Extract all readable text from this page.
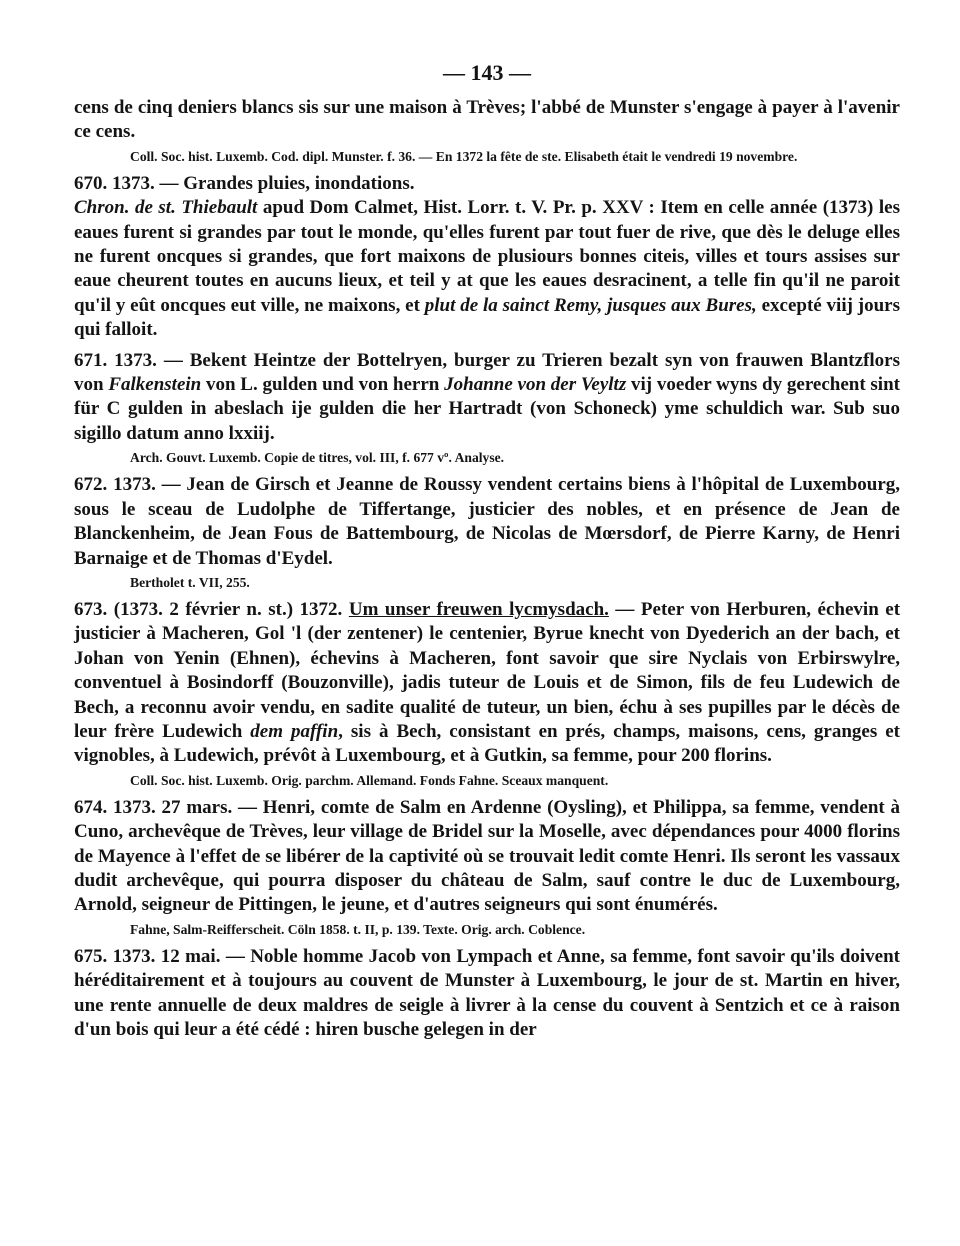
— 143 —

cens de cinq deniers blancs sis sur une maison à Trèves; l'abbé de Munster s'engage à payer à l'avenir ce cens.

Coll. Soc. hist. Luxemb. Cod. dipl. Munster. f. 36. — En 1372 la fête de ste. Elisabeth était le vendredi 19 novembre.

670. 1373. — Grandes pluies, inondations.

Chron. de st. Thiebault apud Dom Calmet, Hist. Lorr. t. V. Pr. p. XXV : Item en celle année (1373) les eaues furent si grandes par tout le monde, qu'elles furent par tout fuer de rive, que dès le deluge elles ne furent oncques si grandes, que fort maixons de plusiours bonnes citeis, villes et tours assises sur eaue cheurent toutes en aucuns lieux, et teil y at que les eaues desracinent, a telle fin qu'il ne paroit qu'il y eût oncques eut ville, ne maixons, et plut de la sainct Remy, jusques aux Bures, excepté viij jours qui falloit.

671. 1373. — Bekent Heintze der Bottelryen, burger zu Trieren bezalt syn von frauwen Blantzflors von Falkenstein von L. gulden und von herrn Johanne von der Veyltz vij voeder wyns dy gerechent sint für C gulden in abeslach ije gulden die her Hartradt (von Schoneck) yme schuldich war. Sub suo sigillo datum anno lxxiij.

Arch. Gouvt. Luxemb. Copie de titres, vol. III, f. 677 vº. Analyse.

672. 1373. — Jean de Girsch et Jeanne de Roussy vendent certains biens à l'hôpital de Luxembourg, sous le sceau de Ludolphe de Tiffertange, justicier des nobles, et en présence de Jean de Blanckenheim, de Jean Fous de Battembourg, de Nicolas de Mœrsdorf, de Pierre Karny, de Henri Barnaige et de Thomas d'Eydel.

Bertholet t. VII, 255.

673. (1373. 2 février n. st.) 1372. Um unser freuwen lycmysdach. — Peter von Herburen, échevin et justicier à Macheren, Gol 'l (der zentener) le centenier, Byrue knecht von Dyederich an der bach, et Johan von Yenin (Ehnen), échevins à Macheren, font savoir que sire Nyclais von Erbirswylre, conventuel à Bosindorff (Bouzonville), jadis tuteur de Louis et de Simon, fils de feu Ludewich de Bech, a reconnu avoir vendu, en sadite qualité de tuteur, un bien, échu à ses pupilles par le décès de leur frère Ludewich dem paffin, sis à Bech, consistant en prés, champs, maisons, cens, granges et vignobles, à Ludewich, prévôt à Luxembourg, et à Gutkin, sa femme, pour 200 florins.

Coll. Soc. hist. Luxemb. Orig. parchm. Allemand. Fonds Fahne. Sceaux manquent.

674. 1373. 27 mars. — Henri, comte de Salm en Ardenne (Oysling), et Philippa, sa femme, vendent à Cuno, archevêque de Trèves, leur village de Bridel sur la Moselle, avec dépendances pour 4000 florins de Mayence à l'effet de se libérer de la captivité où se trouvait ledit comte Henri. Ils seront les vassaux dudit archevêque, qui pourra disposer du château de Salm, sauf contre le duc de Luxembourg, Arnold, seigneur de Pittingen, le jeune, et d'autres seigneurs qui sont énumérés.

Fahne, Salm-Reifferscheit. Cöln 1858. t. II, p. 139. Texte. Orig. arch. Coblence.

675. 1373. 12 mai. — Noble homme Jacob von Lympach et Anne, sa femme, font savoir qu'ils doivent héréditairement et à toujours au couvent de Munster à Luxembourg, le jour de st. Martin en hiver, une rente annuelle de deux maldres de seigle à livrer à la cense du couvent à Sentzich et ce à raison d'un bois qui leur a été cédé : hiren busche gelegen in der
